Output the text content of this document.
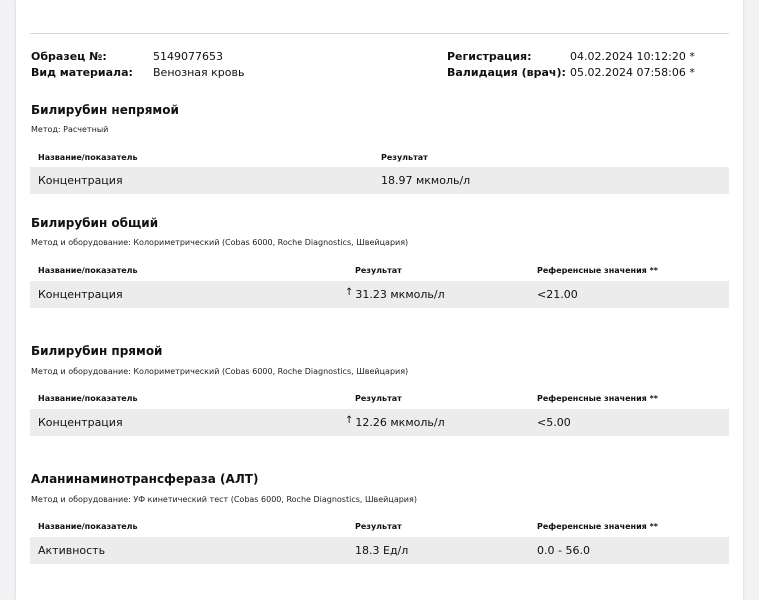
Образец №:	5149077653
Вид материала: Венозная кровь
Регистрация:	04.02.2024 10:12:20 *
Валидация (врач): 05.02.2024 07:58:06 *
Билирубин непрямой
Метод: Расчетный
Название/показатель	Результат
Концентрация	18.97 мкмоль/л
Билирубин общий
Метод и оборудование: Колориметрический (Cobas 6000, Roche Diagnostics, Швейцария)
Название/показатель	Результат	Референсные значения **
Концентрация	↑ 31.23 мкмоль/л	<21.00
Билирубин прямой
Метод и оборудование: Колориметрический (Cobas 6000, Roche Diagnostics, Швейцария)
Название/показатель	Результат	Референсные значения **
Концентрация	↑ 12.26 мкмоль/л	<5.00
Аланинаминотрансфераза (АЛТ)
Метод и оборудование: УФ кинетический тест (Cobas 6000, Roche Diagnostics, Швейцария)
Название/показатель	Результат	Референсные значения **
Активность	18.3 Ед/л	0.0 - 56.0
